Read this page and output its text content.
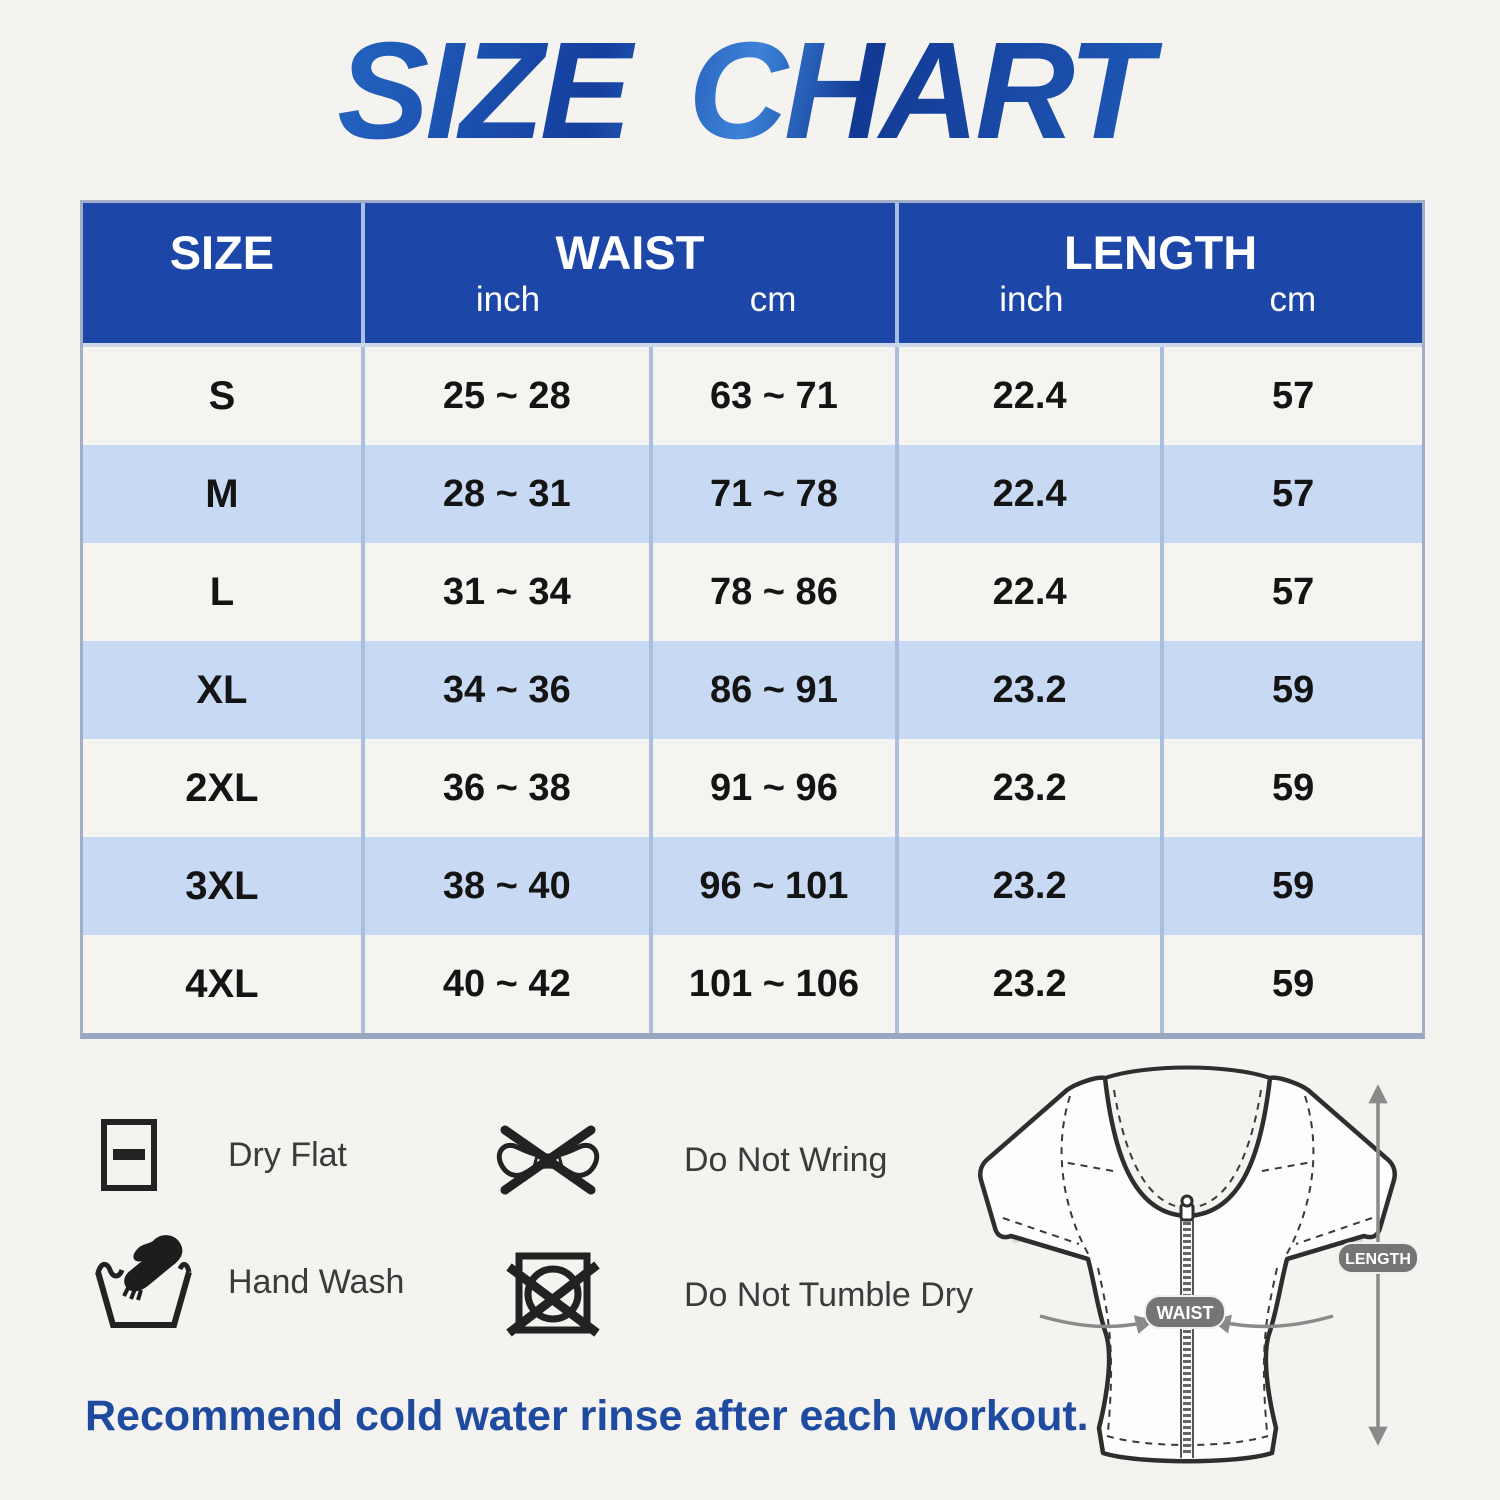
SIZE CHART
SIZE	WAIST
inch	cm

LENGTH
inch	cm

S	25 ~ 28	63 ~ 71	22.4	57
M	28 ~ 31	71 ~ 78	22.4	57
L	31 ~ 34	78 ~ 86	22.4	57
XL	34 ~ 36	86 ~ 91	23.2	59
2XL	36 ~ 38	91 ~ 96	23.2	59
3XL	38 ~ 40	96 ~ 101	23.2	59
4XL	40 ~ 42	101 ~ 106	23.2	59
Dry Flat	Do Not Wring
Hand Wash	Do Not Tumble Dry	WAIST
LENGTH
Recommend cold water rinse after each workout.
